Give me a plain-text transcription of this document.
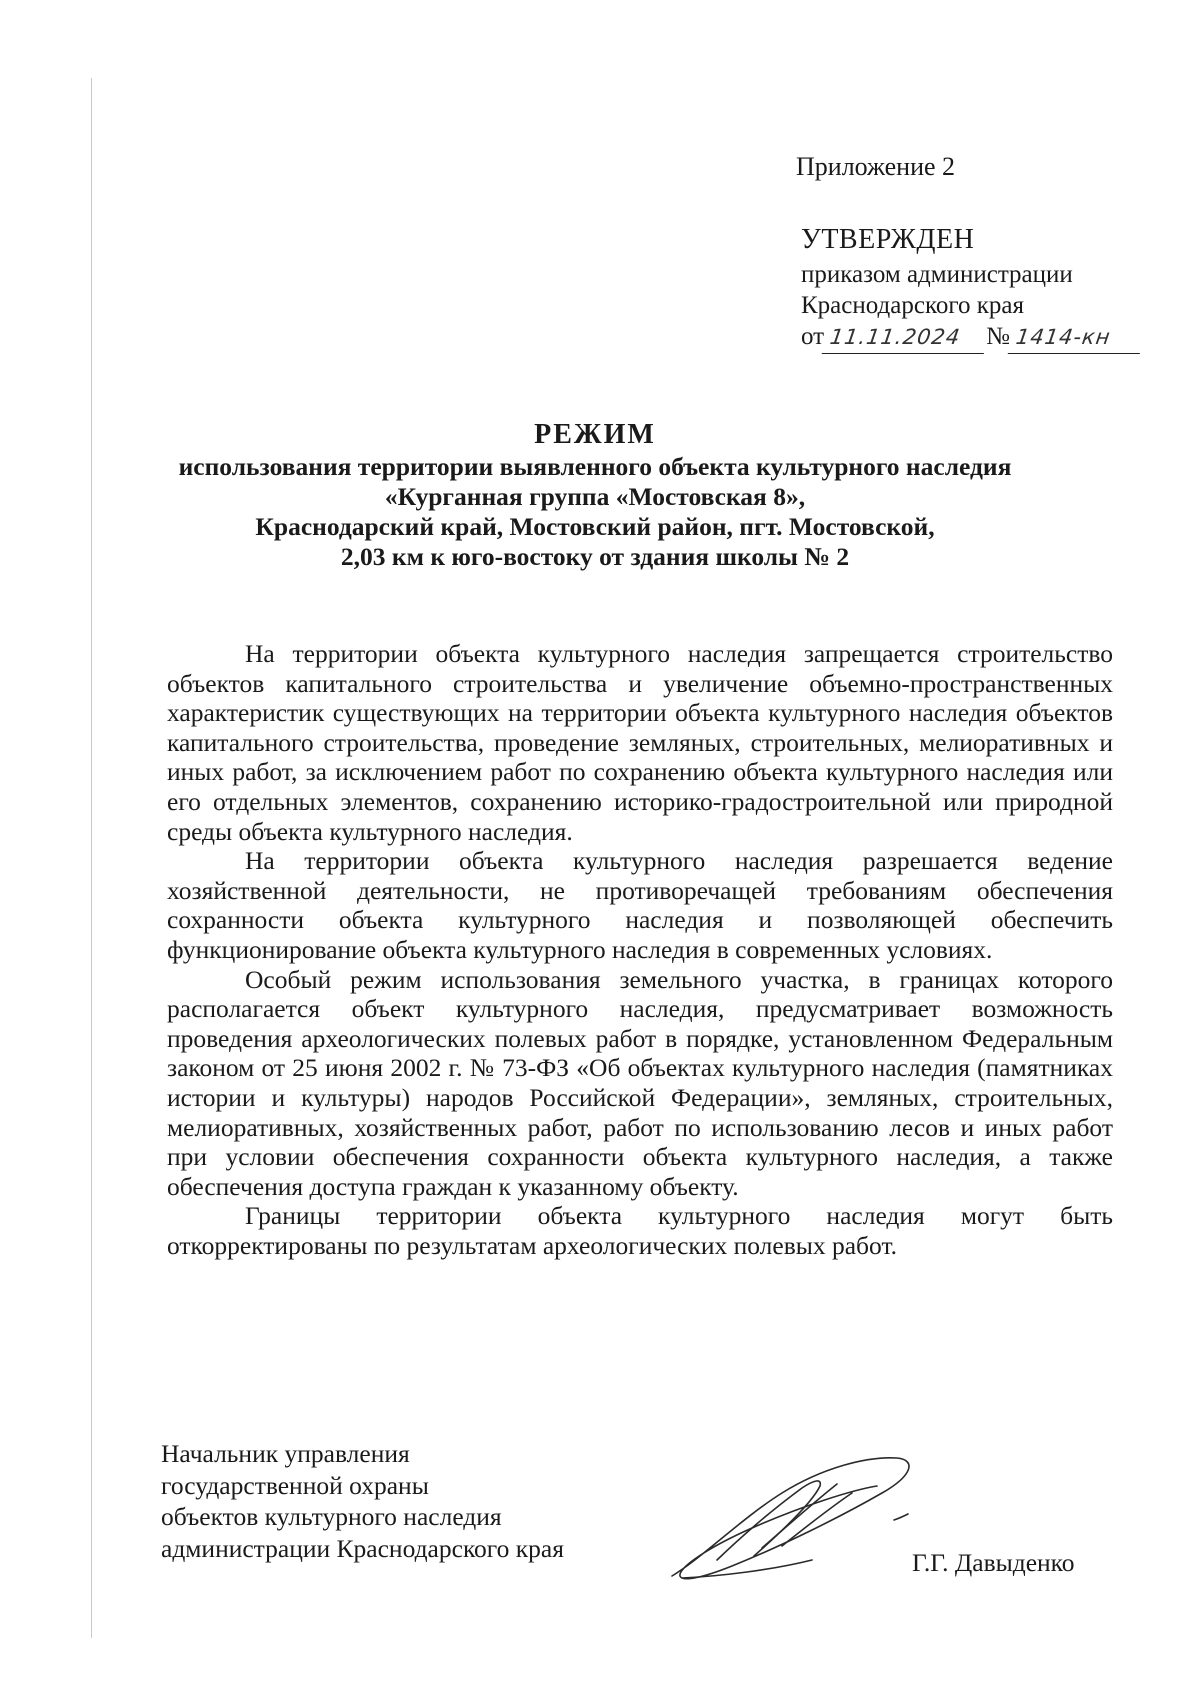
Приложение 2
УТВЕРЖДЕН
приказом администрации
Краснодарского края
от 11.11.2024 № 1414-кн
РЕЖИМ
использования территории выявленного объекта культурного наследия
«Курганная группа «Мостовская 8»,
Краснодарский край, Мостовский район, пгт. Мостовской,
2,03 км к юго-востоку от здания школы № 2

На территории объекта культурного наследия запрещается строительство объектов капитального строительства и увеличение объемно-пространственных характеристик существующих на территории объекта культурного наследия объектов капитального строительства, проведение земляных, строительных, мелиоративных и иных работ, за исключением работ по сохранению объекта культурного наследия или его отдельных элементов, сохранению историко-градостроительной или природной среды объекта культурного наследия.

На территории объекта культурного наследия разрешается ведение хозяйственной деятельности, не противоречащей требованиям обеспечения сохранности объекта культурного наследия и позволяющей обеспечить функционирование объекта культурного наследия в современных условиях.

Особый режим использования земельного участка, в границах которого располагается объект культурного наследия, предусматривает возможность проведения археологических полевых работ в порядке, установленном Федеральным законом от 25 июня 2002 г. № 73-ФЗ «Об объектах культурного наследия (памятниках истории и культуры) народов Российской Федерации», земляных, строительных, мелиоративных, хозяйственных работ, работ по использованию лесов и иных работ при условии обеспечения сохранности объекта культурного наследия, а также обеспечения доступа граждан к указанному объекту.

Границы территории объекта культурного наследия могут быть откорректированы по результатам археологических полевых работ.

Начальник управления
государственной охраны
объектов культурного наследия
администрации Краснодарского края	Г.Г. Давыденко
